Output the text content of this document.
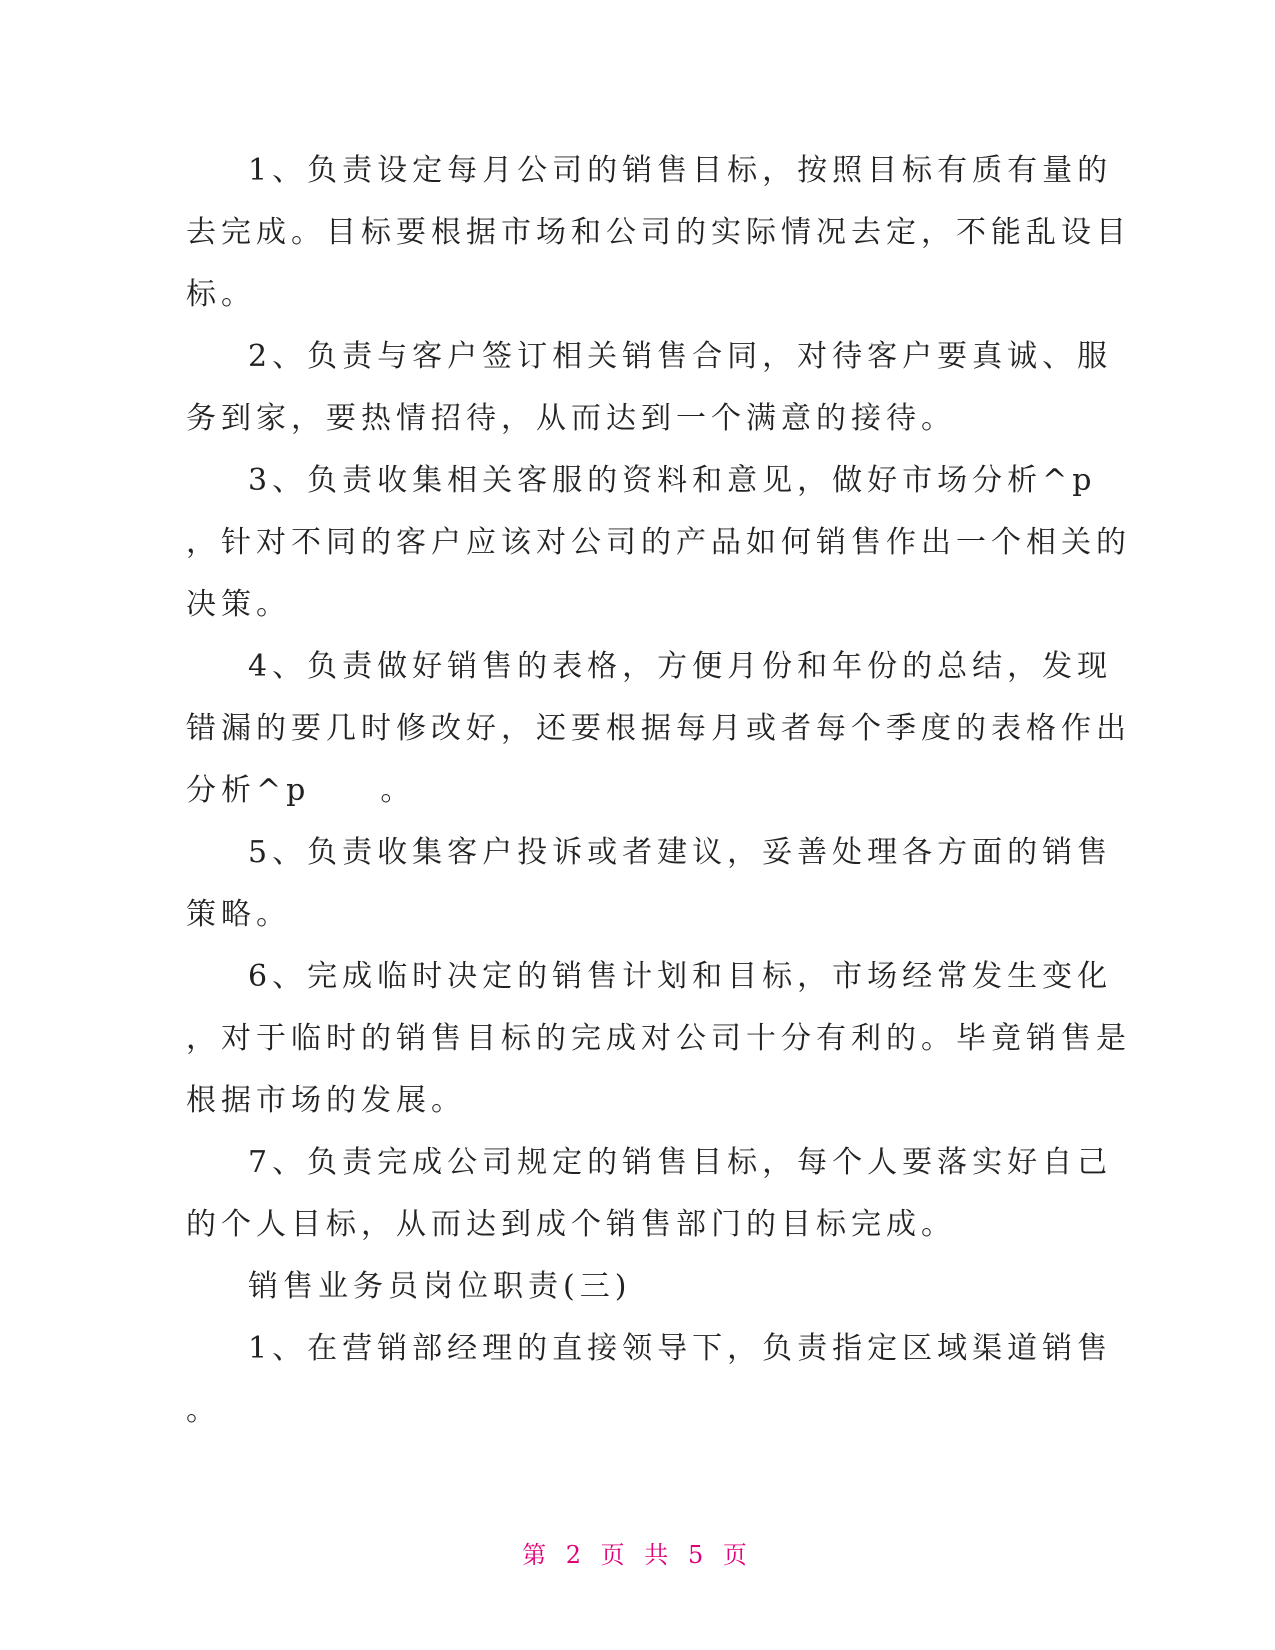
1、负责设定每月公司的销售目标，按照目标有质有量的
去完成。目标要根据市场和公司的实际情况去定，不能乱设目
标。
2、负责与客户签订相关销售合同，对待客户要真诚、服
务到家，要热情招待，从而达到一个满意的接待。
3、负责收集相关客服的资料和意见，做好市场分析^p
，针对不同的客户应该对公司的产品如何销售作出一个相关的
决策。
4、负责做好销售的表格，方便月份和年份的总结，发现
错漏的要几时修改好，还要根据每月或者每个季度的表格作出
分析^p　　。
5、负责收集客户投诉或者建议，妥善处理各方面的销售
策略。
6、完成临时决定的销售计划和目标，市场经常发生变化
，对于临时的销售目标的完成对公司十分有利的。毕竟销售是
根据市场的发展。
7、负责完成公司规定的销售目标，每个人要落实好自己
的个人目标，从而达到成个销售部门的目标完成。
销售业务员岗位职责(三)
1、在营销部经理的直接领导下，负责指定区域渠道销售
。
第 2 页 共 5 页
